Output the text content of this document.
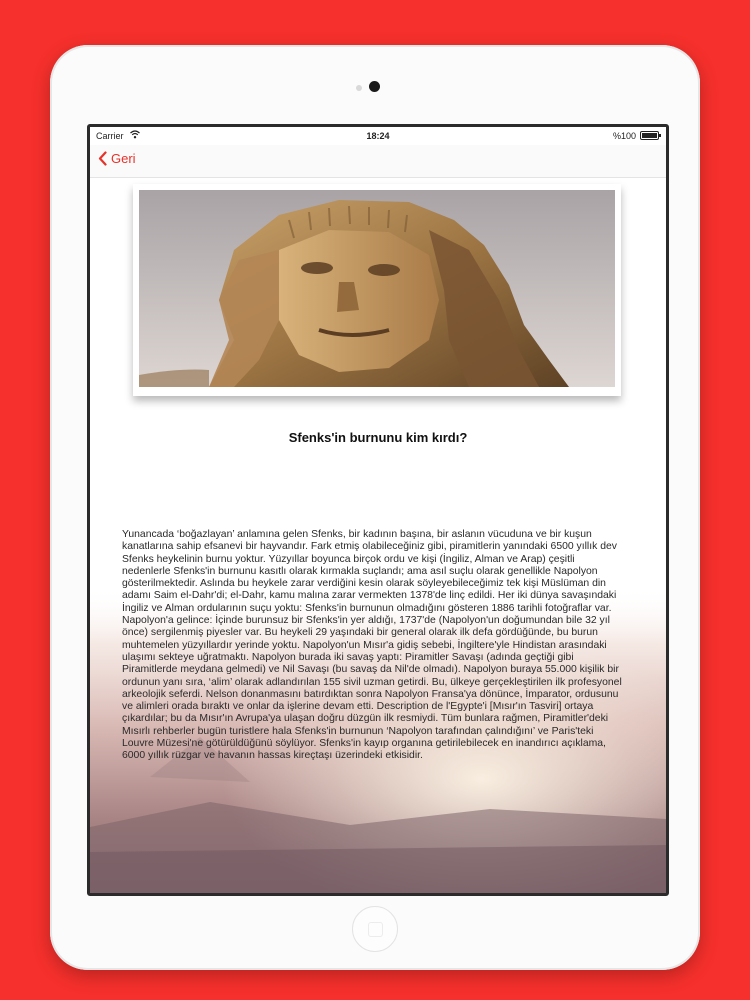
Carrier	18:24	%100
Geri
Sfenks'in burnunu kim kırdı?
Yunancada ‘boğazlayan’ anlamına gelen Sfenks, bir kadının başına, bir aslanın vücuduna ve bir kuşun kanatlarına sahip efsanevi bir hayvandır. Fark etmiş olabileceğiniz gibi, piramitlerin yanındaki 6500 yıllık dev Sfenks heykelinin burnu yoktur. Yüzyıllar boyunca birçok ordu ve kişi (İngiliz, Alman ve Arap) çeşitli nedenlerle Sfenks'in burnunu kasıtlı olarak kırmakla suçlandı; ama asıl suçlu olarak genellikle Napolyon gösterilmektedir. Aslında bu heykele zarar verdiğini kesin olarak söyleyebileceğimiz tek kişi Müslüman din adamı Saim el-Dahr'di; el-Dahr, kamu malına zarar vermekten 1378'de linç edildi. Her iki dünya savaşındaki İngiliz ve Alman ordularının suçu yoktu: Sfenks'in burnunun olmadığını gösteren 1886 tarihli fotoğraflar var. Napolyon'a gelince: İçinde burunsuz bir Sfenks'in yer aldığı, 1737'de (Napolyon'un doğumundan bile 32 yıl önce) sergilenmiş piyesler var. Bu heykeli 29 yaşındaki bir general olarak ilk defa gördüğünde, bu burun muhtemelen yüzyıllardır yerinde yoktu. Napolyon'un Mısır'a gidiş sebebi, İngiltere'yle Hindistan arasındaki ulaşımı sekteye uğratmaktı. Napolyon burada iki savaş yaptı: Piramitler Savaşı (adında geçtiği gibi Piramitlerde meydana gelmedi) ve Nil Savaşı (bu savaş da Nil'de olmadı). Napolyon buraya 55.000 kişilik bir ordunun yanı sıra, ‘alim’ olarak adlandırılan 155 sivil uzman getirdi. Bu, ülkeye gerçekleştirilen ilk profesyonel arkeolojik seferdi. Nelson donanmasını batırdıktan sonra Napolyon Fransa'ya dönünce, İmparator, ordusunu ve alimleri orada bıraktı ve onlar da işlerine devam etti. Description de l'Egypte'i [Mısır'ın Tasviri] ortaya çıkardılar; bu da Mısır'ın Avrupa'ya ulaşan doğru düzgün ilk resmiydi. Tüm bunlara rağmen, Piramitler'deki Mısırlı rehberler bugün turistlere hala Sfenks'in burnunun ‘Napolyon tarafından çalındığını’ ve Paris'teki Louvre Müzesi'ne götürüldüğünü söylüyor. Sfenks'in kayıp organına getirilebilecek en inandırıcı açıklama, 6000 yıllık rüzgar ve havanın hassas kireçtaşı üzerindeki etkisidir.
